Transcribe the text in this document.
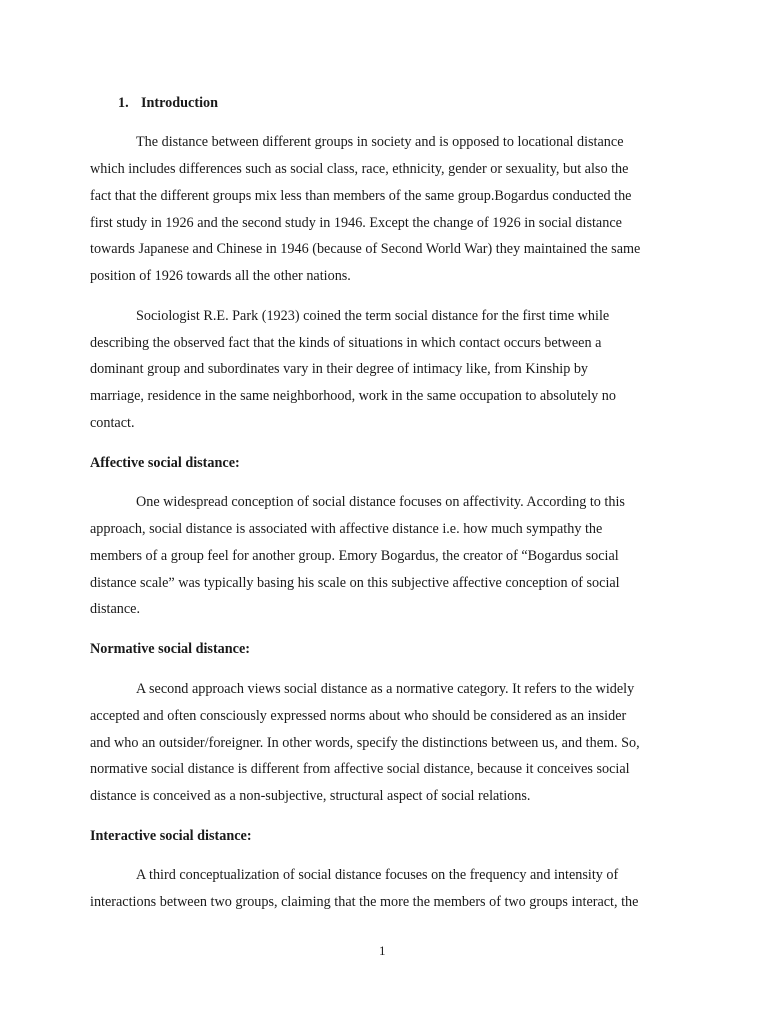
1. Introduction
The distance between different groups in society and is opposed to locational distance
which includes differences such as social class, race, ethnicity, gender or sexuality, but also the
fact that the different groups mix less than members of the same group.Bogardus conducted the
first study in 1926 and the second study in 1946. Except the change of 1926 in social distance
towards Japanese and Chinese in 1946 (because of Second World War) they maintained the same
position of 1926 towards all the other nations.
Sociologist R.E. Park (1923) coined the term social distance for the first time while
describing the observed fact that the kinds of situations in which contact occurs between a
dominant group and subordinates vary in their degree of intimacy like, from Kinship by
marriage, residence in the same neighborhood, work in the same occupation to absolutely no
contact.
Affective social distance:
One widespread conception of social distance focuses on affectivity. According to this
approach, social distance is associated with affective distance i.e. how much sympathy the
members of a group feel for another group. Emory Bogardus, the creator of “Bogardus social
distance scale” was typically basing his scale on this subjective affective conception of social
distance.
Normative social distance:
A second approach views social distance as a normative category. It refers to the widely
accepted and often consciously expressed norms about who should be considered as an insider
and who an outsider/foreigner. In other words, specify the distinctions between us, and them. So,
normative social distance is different from affective social distance, because it conceives social
distance is conceived as a non-subjective, structural aspect of social relations.
Interactive social distance:
A third conceptualization of social distance focuses on the frequency and intensity of
interactions between two groups, claiming that the more the members of two groups interact, the
1
